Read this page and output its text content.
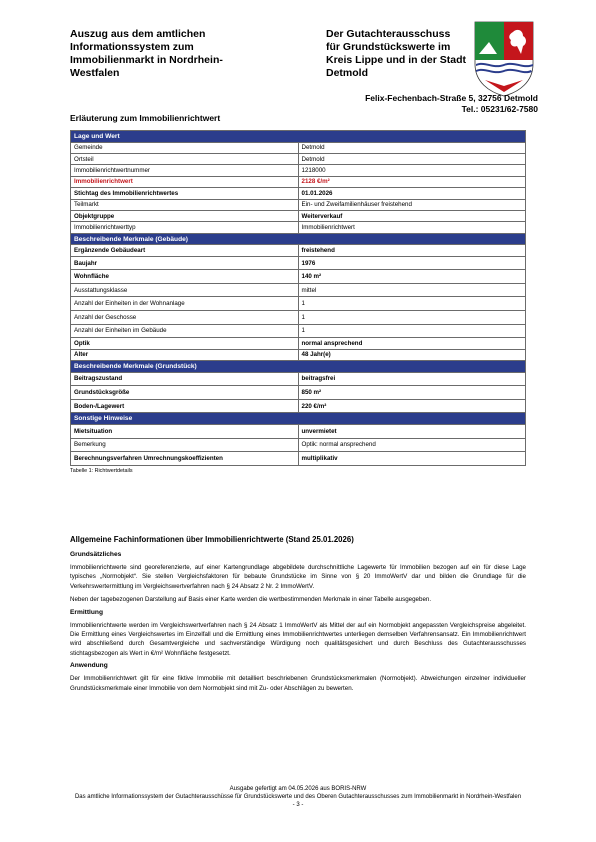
Auszug aus dem amtlichen Informationssystem zum Immobilienmarkt in Nordrhein-Westfalen
Der Gutachterausschuss für Grundstückswerte im Kreis Lippe und in der Stadt Detmold
Felix-Fechenbach-Straße 5, 32756 Detmold
Tel.: 05231/62-7580
Erläuterung zum Immobilienrichtwert
Lage und Wert	
Gemeinde	Detmold
Ortsteil	Detmold
Immobilienrichtwertnummer	1218000
Immobilienrichtwert	2128 €/m²
Stichtag des Immobilienrichtwertes	01.01.2026
Teilmarkt	Ein- und Zweifamilienhäuser freistehend
Objektgruppe	Weiterverkauf
Immobilienrichtwerttyp	Immobilienrichtwert
Beschreibende Merkmale (Gebäude)	
Ergänzende Gebäudeart	freistehend
Baujahr	1976
Wohnfläche	140 m²
Ausstattungsklasse	mittel
Anzahl der Einheiten in der Wohnanlage	1
Anzahl der Geschosse	1
Anzahl der Einheiten im Gebäude	1
Optik	normal ansprechend
Alter	48 Jahr(e)
Beschreibende Merkmale (Grundstück)	
Beitragszustand	beitragsfrei
Grundstücksgröße	850 m²
Boden-/Lagewert	220 €/m²
Sonstige Hinweise	
Mietsituation	unvermietet
Bemerkung	Optik: normal ansprechend
Berechnungsverfahren Umrechnungskoeffizienten	multiplikativ
Tabelle 1: Richtwertdetails
Allgemeine Fachinformationen über Immobilienrichtwerte (Stand 25.01.2026)
Grundsätzliches
Immobilienrichtwerte sind georeferenzierte, auf einer Kartengrundlage abgebildete durchschnittliche Lagewerte für Immobilien bezogen auf ein für diese Lage typisches „Normobjekt“. Sie stellen Vergleichsfaktoren für bebaute Grundstücke im Sinne von § 20 ImmoWertV dar und bilden die Grundlage für die Verkehrswertermittlung im Vergleichswertverfahren nach § 24 Absatz 2 Nr. 2 ImmoWertV.
Neben der tagebezogenen Darstellung auf Basis einer Karte werden die wertbestimmenden Merkmale in einer Tabelle ausgegeben.
Ermittlung
Immobilienrichtwerte werden im Vergleichswertverfahren nach § 24 Absatz 1 ImmoWertV als Mittel der auf ein Normobjekt angepassten Vergleichspreise abgeleitet. Die Ermittlung eines Vergleichswertes im Einzelfall und die Ermittlung eines Immobilienrichtwertes unterliegen demselben Verfahrensansatz. Ein Immobilienrichtwert wird abschließend durch Gesamtvergleiche und sachverständige Würdigung noch qualitätsgesichert und durch Beschluss des Gutachterausschusses stichtagsbezogen als Wert in €/m² Wohnfläche festgesetzt.
Anwendung
Der Immobilienrichtwert gilt für eine fiktive Immobilie mit detailliert beschriebenen Grundstücksmerkmalen (Normobjekt). Abweichungen einzelner individueller Grundstücksmerkmale einer Immobilie von dem Normobjekt sind mit Zu- oder Abschlägen zu bewerten.
Ausgabe gefertigt am 04.05.2026 aus BORIS-NRW
Das amtliche Informationssystem der Gutachterausschüsse für Grundstückswerte und des Oberen Gutachterausschusses zum Immobilienmarkt in Nordrhein-Westfalen
- 3 -
